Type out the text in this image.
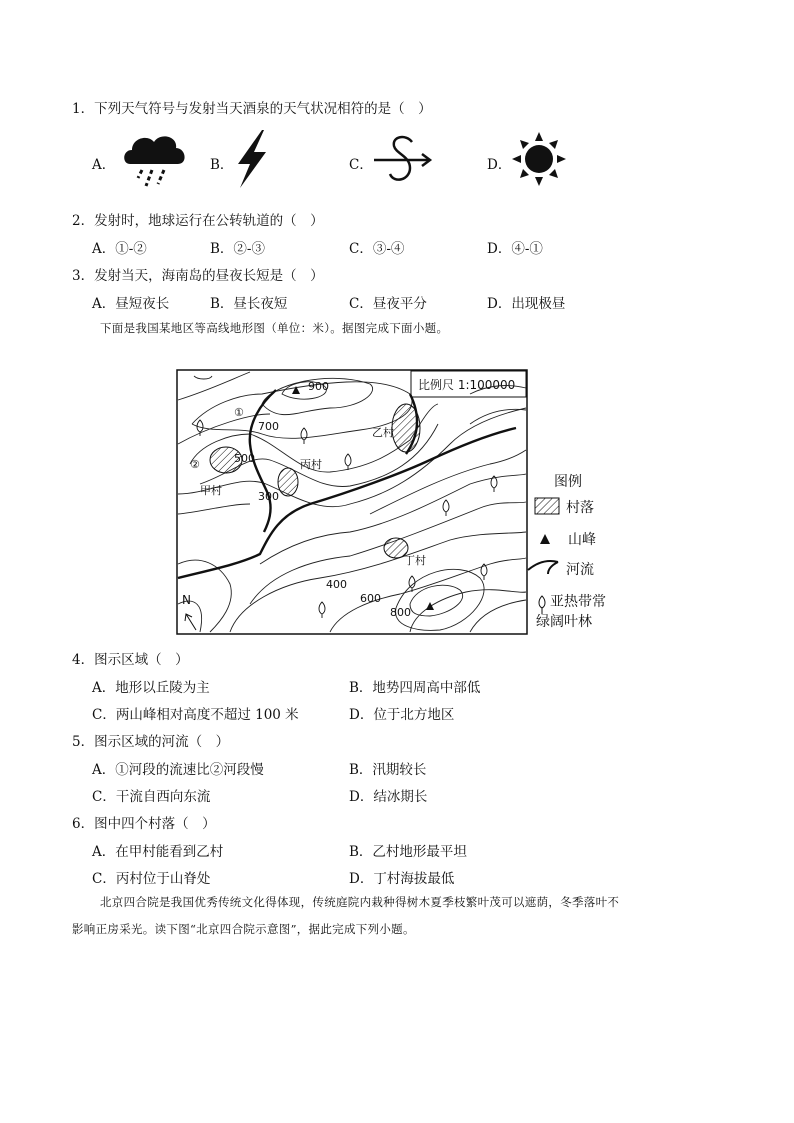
1．下列天气符号与发射当天酒泉的天气状况相符的是（　）
A．	B．	C．	D．
2．发射时，地球运行在公转轨道的（　）
A．①-②	B．②-③	C．③-④	D．④-①
3．发射当天，海南岛的昼夜长短是（　）
A．昼短夜长	B．昼长夜短	C．昼夜平分	D．出现极昼
下面是我国某地区等高线地形图（单位：米）。据图完成下面小题。
比例尺 1:100000
900
700
500
300
400
600
800
甲村
乙村
丙村
丁村
①
②
N
图例
村落
山峰
河流
亚热带常
绿阔叶林
4．图示区域（　）
A．地形以丘陵为主	B．地势四周高中部低
C．两山峰相对高度不超过 100 米	D．位于北方地区
5．图示区域的河流（　）
A．①河段的流速比②河段慢	B．汛期较长
C．干流自西向东流	D．结冰期长
6．图中四个村落（　）
A．在甲村能看到乙村	B．乙村地形最平坦
C．丙村位于山脊处	D．丁村海拔最低
北京四合院是我国优秀传统文化得体现，传统庭院内栽种得树木夏季枝繁叶茂可以遮荫，冬季落叶不
影响正房采光。读下图“北京四合院示意图”，据此完成下列小题。
